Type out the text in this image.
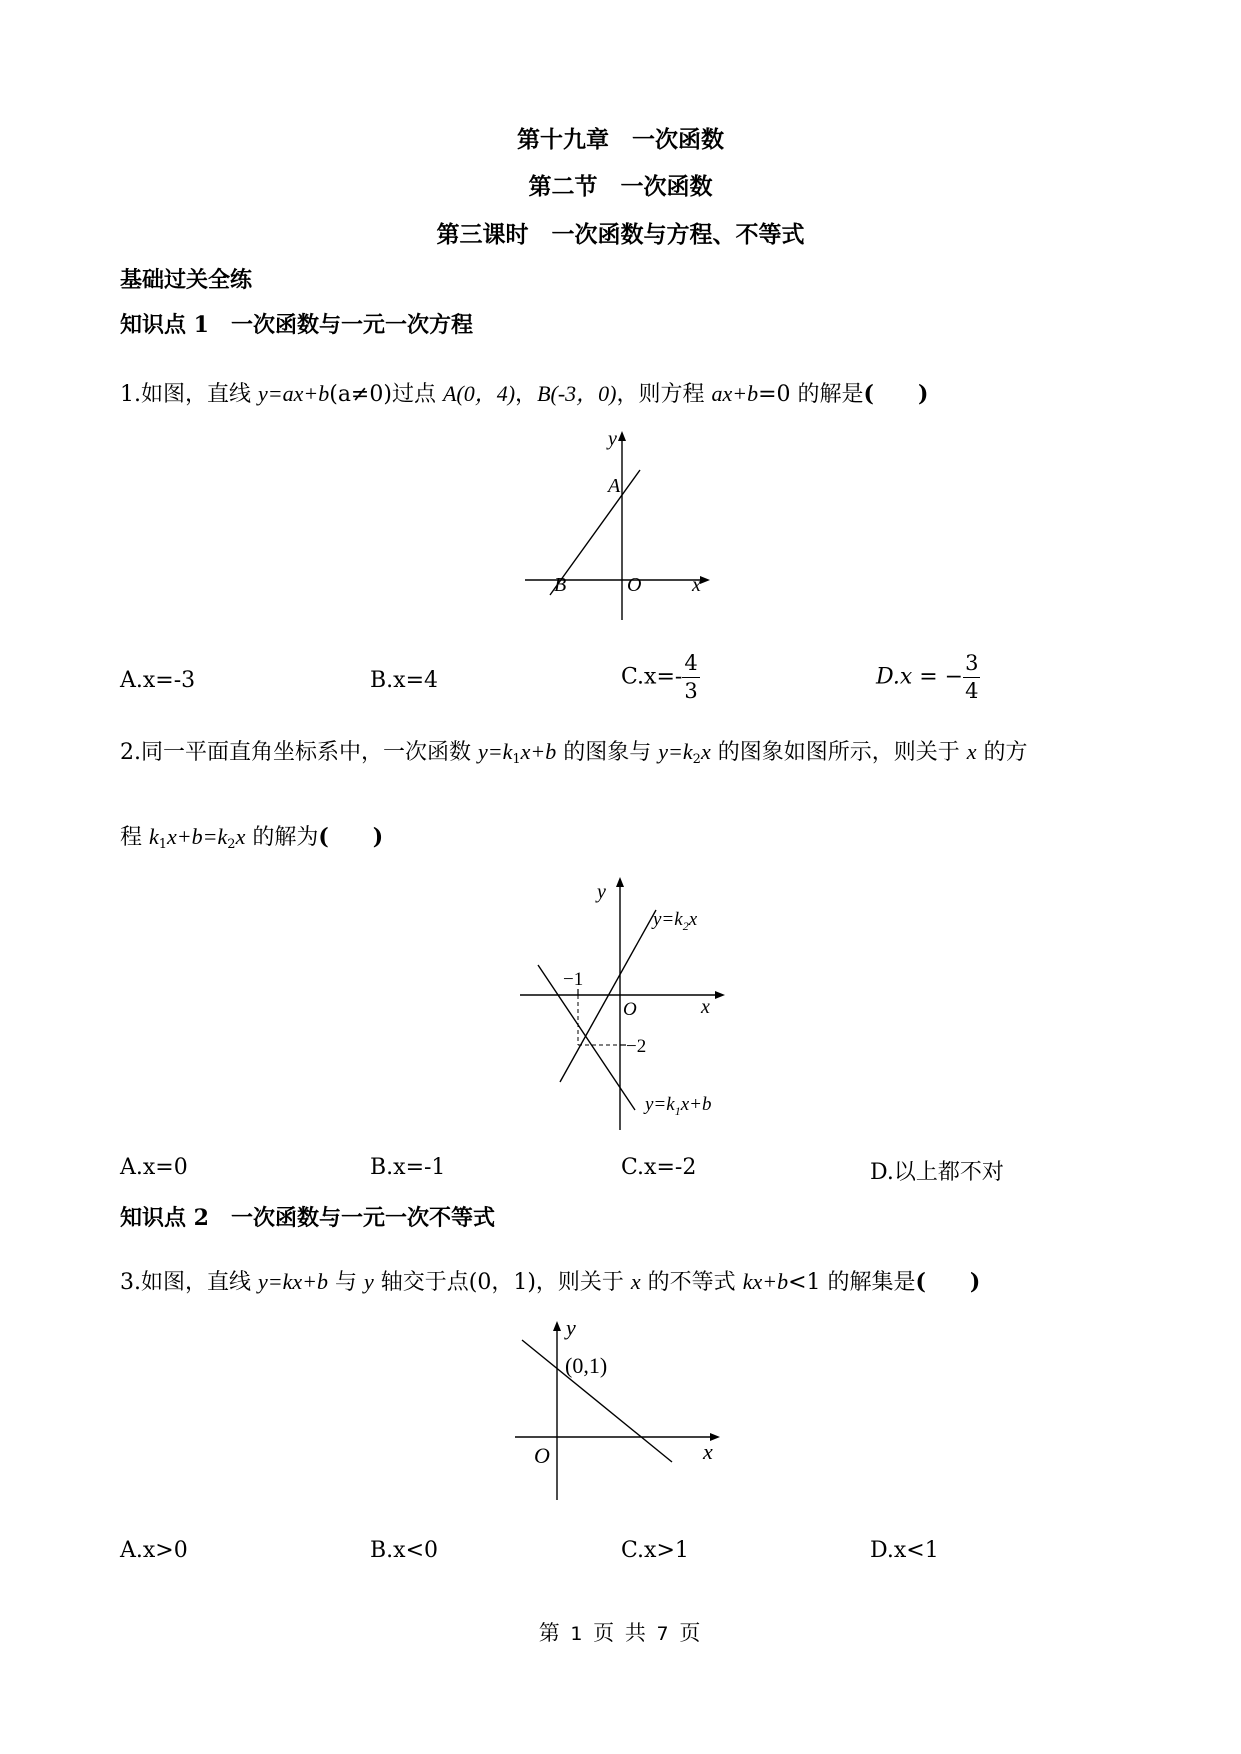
第十九章　一次函数
第二节　一次函数
第三课时　一次函数与方程、不等式
基础过关全练
知识点 1　一次函数与一元一次方程
1.如图，直线 y=ax+b(a≠0)过点 A(0，4)，B(-3，0)，则方程 ax+b=0 的解是(　　)
y
A
B	O	x
A.x=-3	B.x=4	$C.x=- \frac{4}{3}$	D.x = − $\frac{3}{4}$
2.同一平面直角坐标系中，一次函数 $y=k_1x+b$ 的图象与 $y=k_2x$ 的图象如图所示，则关于 x 的方
程 $k_1x+b=k_2x$ 的解为(　　)
y
−1
O	x
−2
$y=k_2x$
$y=k_1x+b$
A.x=0	B.x=-1	C.x=-2	D.以上都不对
知识点 2　一次函数与一元一次不等式
3.如图，直线 y=kx+b 与 y 轴交于点(0，1)，则关于 x 的不等式 kx+b<1 的解集是(　　)
y
(0,1)
O	x
A.x>0	B.x<0	C.x>1	D.x<1
第 1 页 共 7 页
